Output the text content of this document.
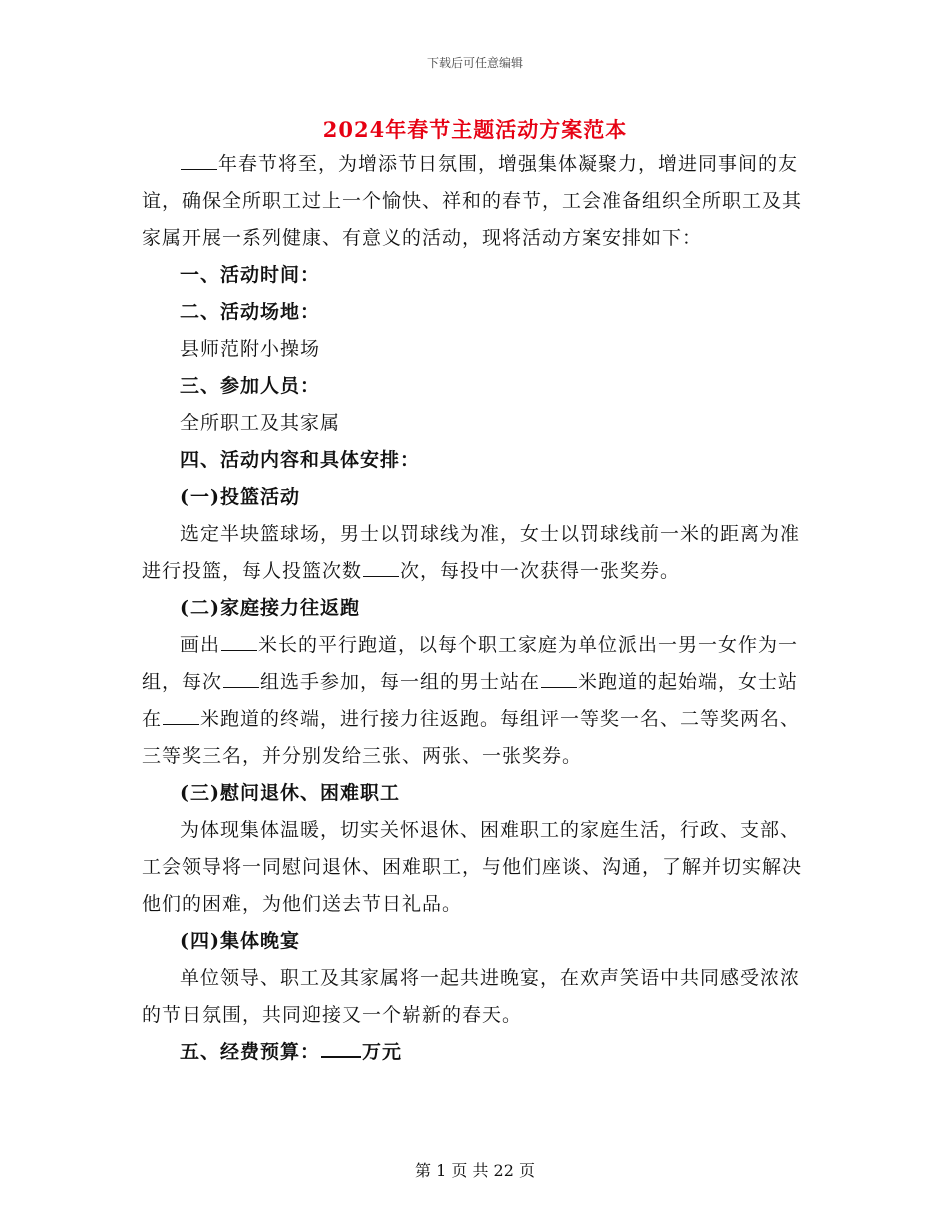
下载后可任意编辑
2024年春节主题活动方案范本

年春节将至，为增添节日氛围，增强集体凝聚力，增进同事间的友谊，确保全所职工过上一个愉快、祥和的春节，工会准备组织全所职工及其家属开展一系列健康、有意义的活动，现将活动方案安排如下：

一、活动时间：

二、活动场地：

县师范附小操场

三、参加人员：

全所职工及其家属

四、活动内容和具体安排：

(一)投篮活动

选定半块篮球场，男士以罚球线为准，女士以罚球线前一米的距离为准进行投篮，每人投篮次数 次，每投中一次获得一张奖券。

(二)家庭接力往返跑

画出 米长的平行跑道，以每个职工家庭为单位派出一男一女作为一组，每次 组选手参加，每一组的男士站在 米跑道的起始端，女士站在 米跑道的终端，进行接力往返跑。每组评一等奖一名、二等奖两名、三等奖三名，并分别发给三张、两张、一张奖券。

(三)慰问退休、困难职工

为体现集体温暖，切实关怀退休、困难职工的家庭生活，行政、支部、工会领导将一同慰问退休、困难职工，与他们座谈、沟通，了解并切实解决他们的困难，为他们送去节日礼品。

(四)集体晚宴

单位领导、职工及其家属将一起共进晚宴，在欢声笑语中共同感受浓浓的节日氛围，共同迎接又一个崭新的春天。

五、经费预算： 万元

第 1 页 共 22 页
